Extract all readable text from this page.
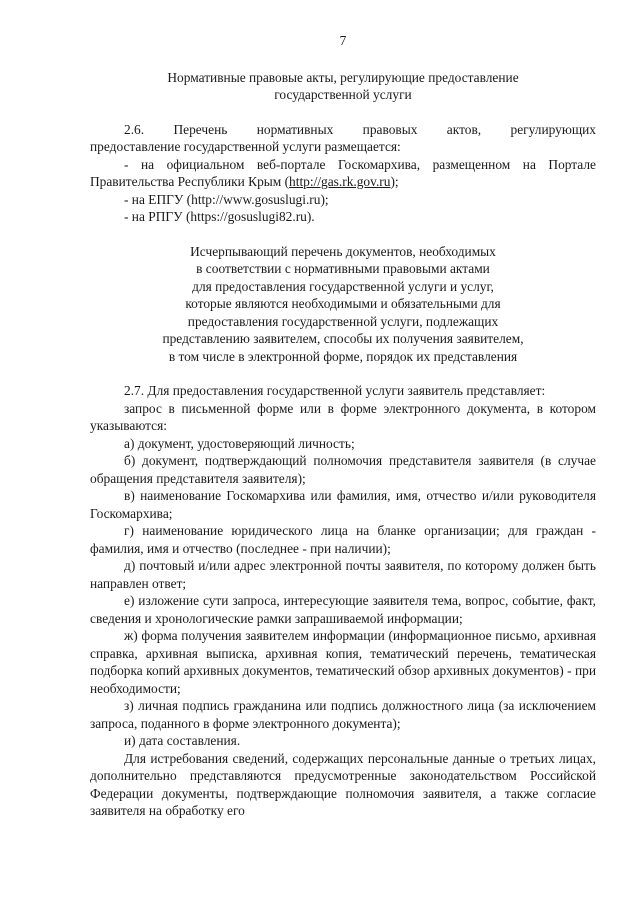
7
Нормативные правовые акты, регулирующие предоставление
государственной услуги
2.6. Перечень нормативных правовых актов, регулирующих
предоставление государственной услуги размещается:
- на официальном веб-портале Госкомархива, размещенном на Портале Правительства Республики Крым (http://gas.rk.gov.ru);
- на ЕПГУ (http://www.gosuslugi.ru);
- на РПГУ (https://gosuslugi82.ru).
Исчерпывающий перечень документов, необходимых
в соответствии с нормативными правовыми актами
для предоставления государственной услуги и услуг,
которые являются необходимыми и обязательными для
предоставления государственной услуги, подлежащих
представлению заявителем, способы их получения заявителем,
в том числе в электронной форме, порядок их представления
2.7. Для предоставления государственной услуги заявитель представляет:
запрос в письменной форме или в форме электронного документа, в котором указываются:
а) документ, удостоверяющий личность;
б) документ, подтверждающий полномочия представителя заявителя (в случае обращения представителя заявителя);
в) наименование Госкомархива или фамилия, имя, отчество и/или руководителя Госкомархива;
г) наименование юридического лица на бланке организации; для граждан - фамилия, имя и отчество (последнее - при наличии);
д) почтовый и/или адрес электронной почты заявителя, по которому должен быть направлен ответ;
е) изложение сути запроса, интересующие заявителя тема, вопрос, событие, факт, сведения и хронологические рамки запрашиваемой информации;
ж) форма получения заявителем информации (информационное письмо, архивная справка, архивная выписка, архивная копия, тематический перечень, тематическая подборка копий архивных документов, тематический обзор архивных документов) - при необходимости;
з) личная подпись гражданина или подпись должностного лица (за исключением запроса, поданного в форме электронного документа);
и) дата составления.
Для истребования сведений, содержащих персональные данные о третьих лицах, дополнительно представляются предусмотренные законодательством Российской Федерации документы, подтверждающие полномочия заявителя, а также согласие заявителя на обработку его
